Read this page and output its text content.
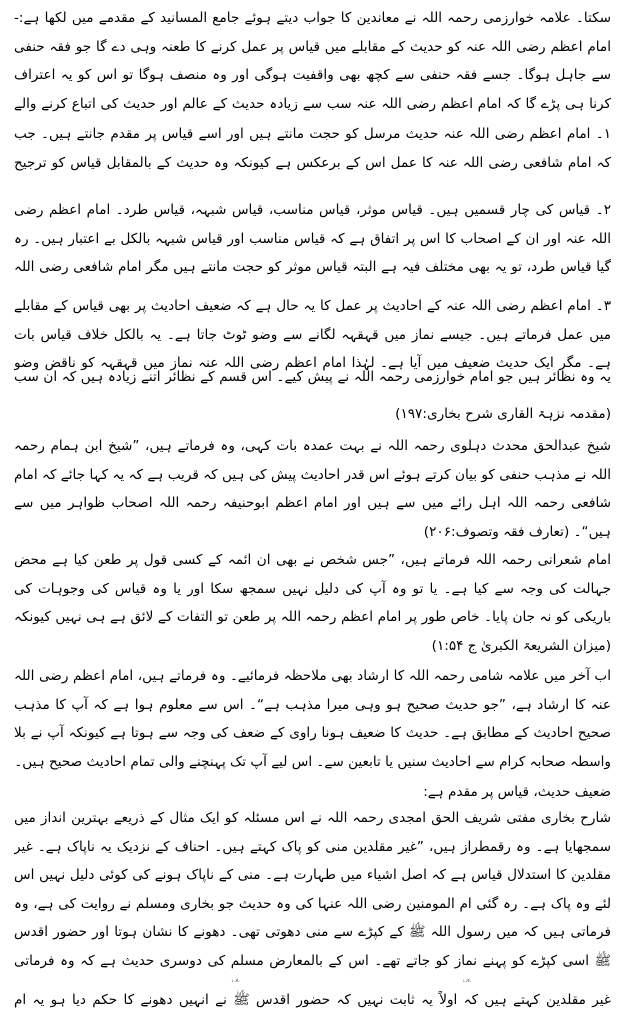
سکتا۔ علامہ خوارزمی رحمہ اللہ نے معاندین کا جواب دیتے ہوئے جامع المسانید کے مقدمے میں لکھا ہے:- امام اعظم رضی اللہ عنہ کو حدیث کے مقابلے میں قیاس پر عمل کرنے کا طعنہ وہی دے گا جو فقہ حنفی سے جاہل ہوگا۔ جسے فقہ حنفی سے کچھ بھی واقفیت ہوگی اور وہ منصف ہوگا تو اس کو یہ اعتراف کرنا ہی پڑے گا کہ امام اعظم رضی اللہ عنہ سب سے زیادہ حدیث کے عالم اور حدیث کی اتباع کرنے والے

۱۔ امام اعظم رضی اللہ عنہ حدیث مرسل کو حجت مانتے ہیں اور اسے قیاس پر مقدم جانتے ہیں۔ جب کہ امام شافعی رضی اللہ عنہ کا عمل اس کے برعکس ہے کیونکہ وہ حدیث کے بالمقابل قیاس کو ترجیح

۲۔ قیاس کی چار قسمیں ہیں۔ قیاس موثر، قیاس مناسب، قیاس شبہہ، قیاس طرد۔ امام اعظم رضی اللہ عنہ اور ان کے اصحاب کا اس پر اتفاق ہے کہ قیاس مناسب اور قیاس شبہہ بالکل بے اعتبار ہیں۔ رہ گیا قیاس طرد، تو یہ بھی مختلف فیہ ہے البتہ قیاس موثر کو حجت مانتے ہیں مگر امام شافعی رضی اللہ

۳۔ امام اعظم رضی اللہ عنہ کے احادیث پر عمل کا یہ حال ہے کہ ضعیف احادیث پر بھی قیاس کے مقابلے میں عمل فرماتے ہیں۔ جیسے نماز میں قہقہہ لگانے سے وضو ٹوٹ جاتا ہے۔ یہ بالکل خلاف قیاس بات ہے۔ مگر ایک حدیث ضعیف میں آیا ہے۔ لہٰذا امام اعظم رضی اللہ عنہ نماز میں قہقہہ کو ناقض وضو

یہ وہ نظائر ہیں جو امام خوارزمی رحمہ اللہ نے پیش کیے۔ اس قسم کے نظائر اتنے زیادہ ہیں کہ ان سب

(مقدمہ نزہۃ القاری شرح بخاری:۱۹۷)

شیخ عبدالحق محدث دہلوی رحمہ اللہ نے بہت عمدہ بات کہی، وہ فرماتے ہیں، ”شیخ ابن ہمام رحمہ اللہ نے مذہب حنفی کو بیان کرتے ہوئے اس قدر احادیث پیش کی ہیں کہ قریب ہے کہ یہ کہا جائے کہ امام شافعی رحمہ اللہ اہل رائے میں سے ہیں اور امام اعظم ابوحنیفہ رحمہ اللہ اصحاب ظواہر میں سے ہیں“۔ (تعارف فقہ وتصوف:۲۰۶)

امام شعرانی رحمہ اللہ فرماتے ہیں، ”جس شخص نے بھی ان ائمہ کے کسی قول پر طعن کیا ہے محض جہالت کی وجہ سے کیا ہے۔ یا تو وہ آپ کی دلیل نہیں سمجھ سکا اور یا وہ قیاس کی وجوہات کی باریکی کو نہ جان پایا۔ خاص طور پر امام اعظم رحمہ اللہ پر طعن تو التفات کے لائق ہے ہی نہیں کیونکہ

(میزان الشریعۃ الکبریٰ ج ۱:۵۴)

اب آخر میں علامہ شامی رحمہ اللہ کا ارشاد بھی ملاحظہ فرمائیے۔ وہ فرماتے ہیں، امام اعظم رضی اللہ عنہ کا ارشاد ہے، ”جو حدیث صحیح ہو وہی میرا مذہب ہے“۔ اس سے معلوم ہوا ہے کہ آپ کا مذہب صحیح احادیث کے مطابق ہے۔ حدیث کا ضعیف ہونا راوی کے ضعف کی وجہ سے ہوتا ہے کیونکہ آپ نے بلا واسطہ صحابہ کرام سے احادیث سنیں یا تابعین سے۔ اس لیے آپ تک پہنچنے والی تمام احادیث صحیح ہیں۔

ضعیف حدیث، قیاس پر مقدم ہے:

شارح بخاری مفتی شریف الحق امجدی رحمہ اللہ نے اس مسئلہ کو ایک مثال کے ذریعے بہترین انداز میں سمجھایا ہے۔ وہ رقمطراز ہیں، ”غیر مقلدین منی کو پاک کہتے ہیں۔ احناف کے نزدیک یہ ناپاک ہے۔ غیر مقلدین کا استدلال قیاس ہے کہ اصل اشیاء میں طہارت ہے۔ منی کے ناپاک ہونے کی کوئی دلیل نہیں اس لئے وہ پاک ہے۔ رہ گئی ام المومنین رضی اللہ عنہا کی وہ حدیث جو بخاری ومسلم نے روایت کی ہے، وہ فرماتی ہیں کہ میں رسول اللہ ﷺ کے کپڑے سے منی دھوتی تھی۔ دھونے کا نشان ہوتا اور حضور اقدس ﷺ اسی کپڑے کو پہنے نماز کو جاتے تھے۔ اس کے بالمعارض مسلم کی دوسری حدیث ہے کہ وہ فرماتی

غیر مقلدین کہتے ہیں کہ اولاً یہ ثابت نہیں کہ حضور اقدس ﷺ نے انہیں دھونے کا حکم دیا ہو یہ ام
